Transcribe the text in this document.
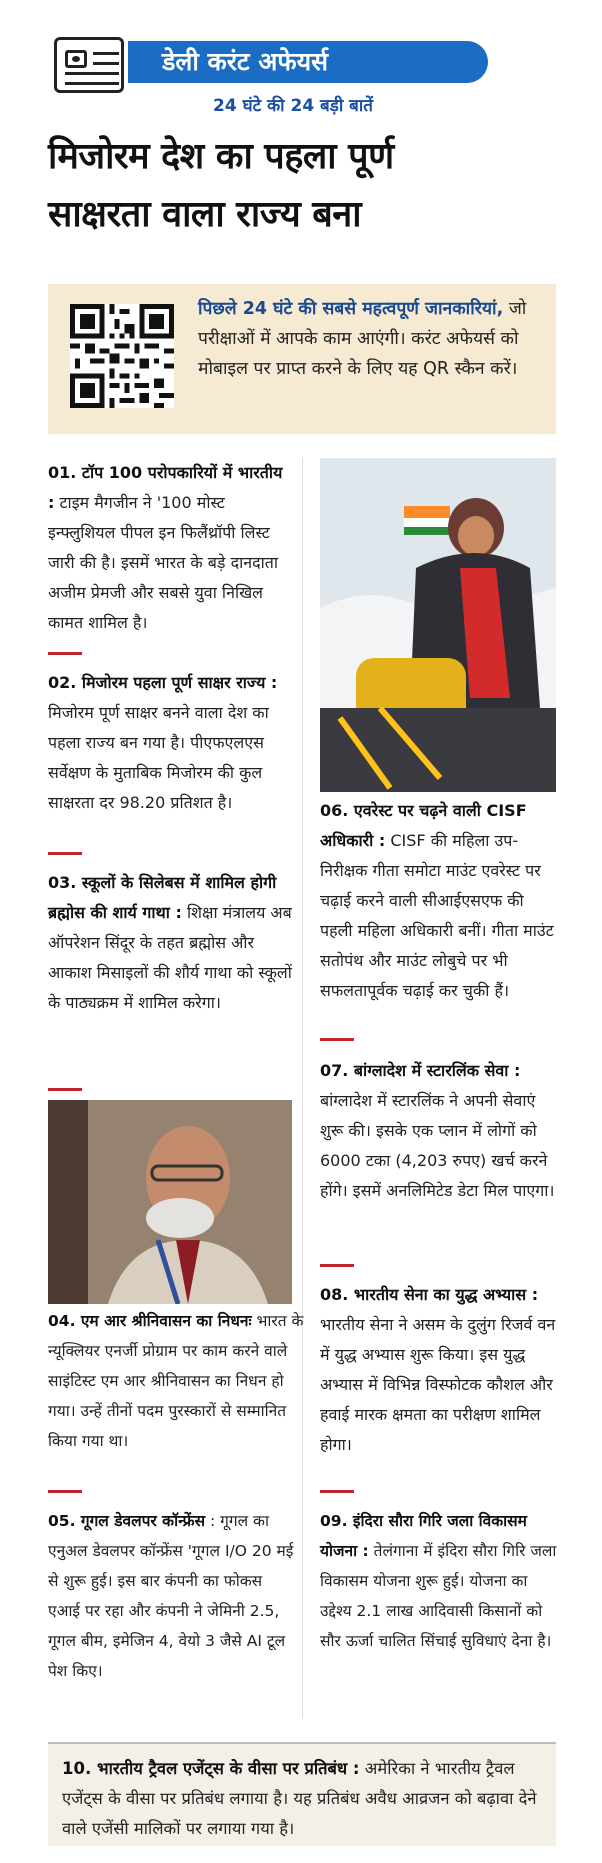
डेली करंट अफेयर्स
24 घंटे की 24 बड़ी बातें
मिजोरम देश का पहला पूर्ण
साक्षरता वाला राज्य बना
पिछले 24 घंटे की सबसे महत्वपूर्ण जानकारियां, जो परीक्षाओं में आपके काम आएंगी। करंट अफेयर्स को मोबाइल पर प्राप्त करने के लिए यह QR स्कैन करें।
01. टॉप 100 परोपकारियों में भारतीय : टाइम मैगजीन ने '100 मोस्ट इन्फ्लुशियल पीपल इन फिलैंथ्रॉपी लिस्ट जारी की है। इसमें भारत के बड़े दानदाता अजीम प्रेमजी और सबसे युवा निखिल कामत शामिल है।
02. मिजोरम पहला पूर्ण साक्षर राज्य : मिजोरम पूर्ण साक्षर बनने वाला देश का पहला राज्य बन गया है। पीएफएलएस सर्वेक्षण के मुताबिक मिजोरम की कुल साक्षरता दर 98.20 प्रतिशत है।
03. स्कूलों के सिलेबस में शामिल होगी ब्रह्मोस की शार्य गाथा : शिक्षा मंत्रालय अब ऑपरेशन सिंदूर के तहत ब्रह्मोस और आकाश मिसाइलों की शौर्य गाथा को स्कूलों के पाठ्यक्रम में शामिल करेगा।
04. एम आर श्रीनिवासन का निधनः भारत के न्यूक्लियर एनर्जी प्रोग्राम पर काम करने वाले साइंटिस्ट एम आर श्रीनिवासन का निधन हो गया। उन्हें तीनों पदम पुरस्कारों से सम्मानित किया गया था।
05. गूगल डेवलपर कॉन्फ्रेंस : गूगल का एनुअल डेवलपर कॉन्फ्रेंस 'गूगल I/O 20 मई से शुरू हुई। इस बार कंपनी का फोकस एआई पर रहा और कंपनी ने जेमिनी 2.5, गूगल बीम, इमेजिन 4, वेयो 3 जैसे AI टूल पेश किए।
06. एवरेस्ट पर चढ़ने वाली CISF अधिकारी : CISF की महिला उप-निरीक्षक गीता समोटा माउंट एवरेस्ट पर चढ़ाई करने वाली सीआईएसएफ की पहली महिला अधिकारी बनीं। गीता माउंट सतोपंथ और माउंट लोबुचे पर भी सफलतापूर्वक चढ़ाई कर चुकी हैं।
07. बांग्लादेश में स्टारलिंक सेवा : बांग्लादेश में स्टारलिंक ने अपनी सेवाएं शुरू की। इसके एक प्लान में लोगों को 6000 टका (4,203 रुपए) खर्च करने होंगे। इसमें अनलिमिटेड डेटा मिल पाएगा।
08. भारतीय सेना का युद्ध अभ्यास : भारतीय सेना ने असम के दुलुंग रिजर्व वन में युद्ध अभ्यास शुरू किया। इस युद्ध अभ्यास में विभिन्न विस्फोटक कौशल और हवाई मारक क्षमता का परीक्षण शामिल होगा।
09. इंदिरा सौरा गिरि जला विकासम योजना : तेलंगाना में इंदिरा सौरा गिरि जला विकासम योजना शुरू हुई। योजना का उद्देश्य 2.1 लाख आदिवासी किसानों को सौर ऊर्जा चालित सिंचाई सुविधाएं देना है।
10. भारतीय ट्रैवल एजेंट्स के वीसा पर प्रतिबंध : अमेरिका ने भारतीय ट्रैवल एजेंट्स के वीसा पर प्रतिबंध लगाया है। यह प्रतिबंध अवैध आव्रजन को बढ़ावा देने वाले एजेंसी मालिकों पर लगाया गया है।
